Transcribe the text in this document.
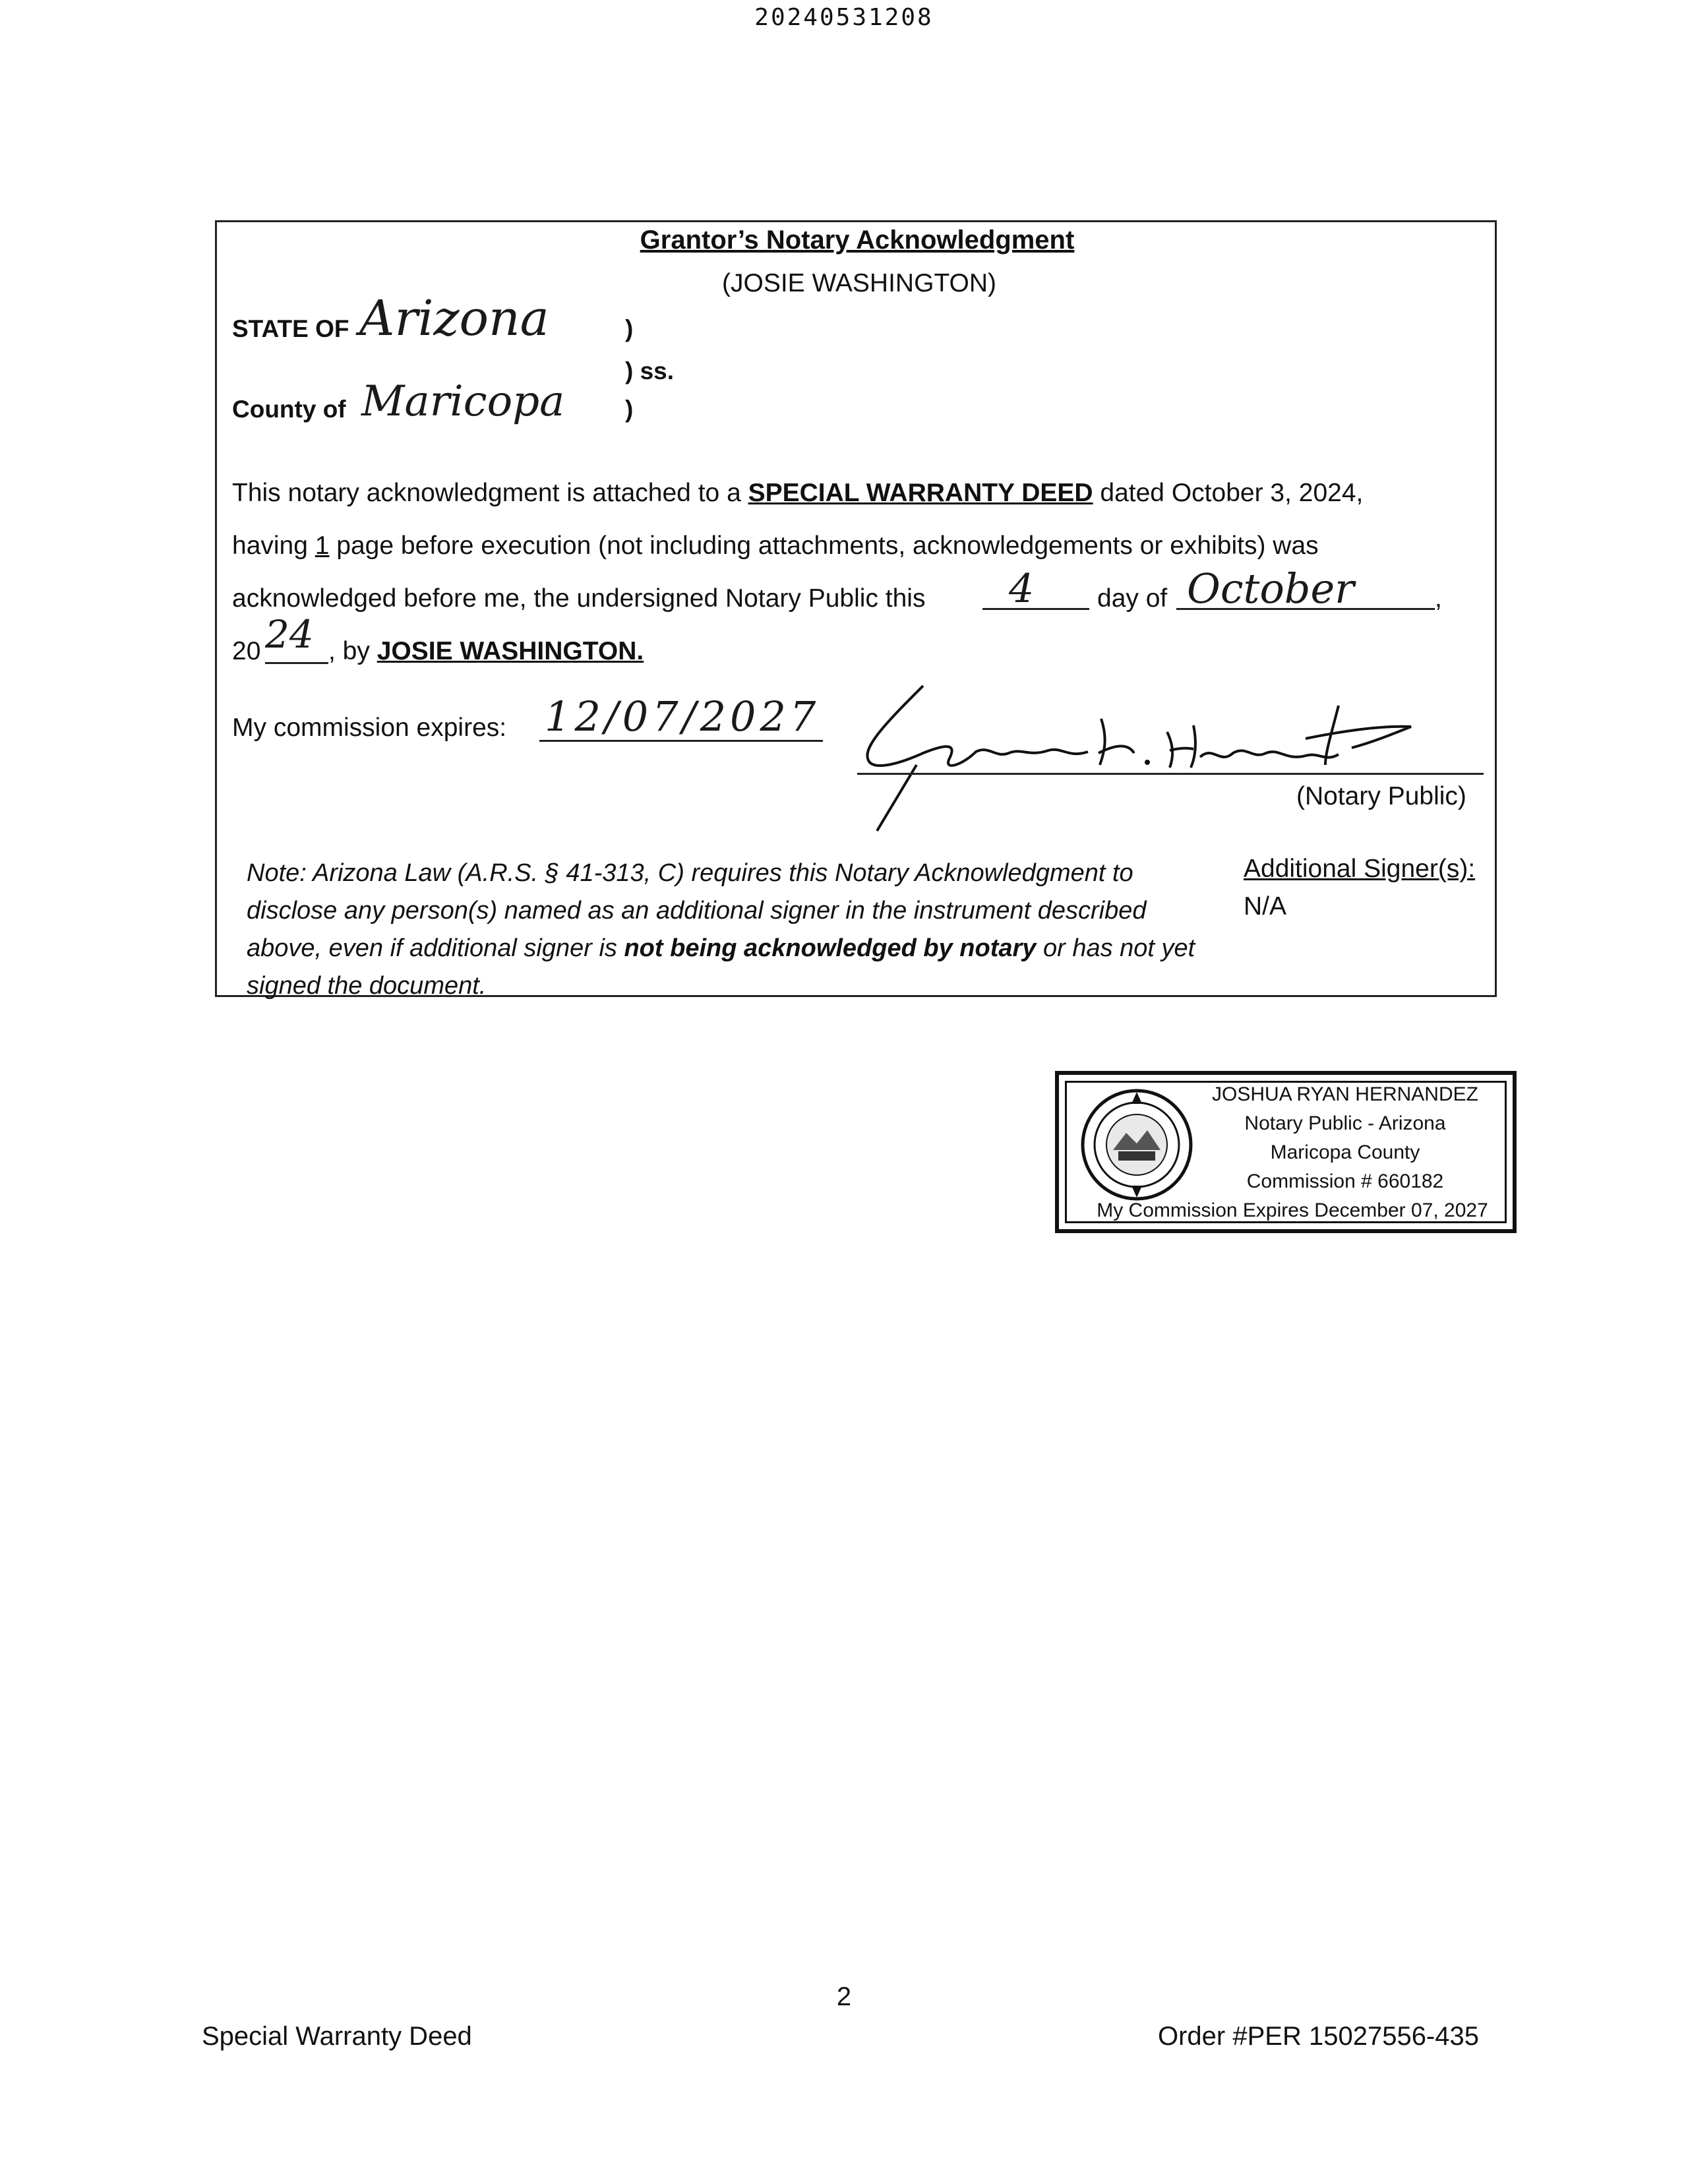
20240531208
Grantor’s Notary Acknowledgment
(JOSIE WASHINGTON)
STATE OF Arizona
County of Maricopa
)
) ss.
)
This notary acknowledgment is attached to a SPECIAL WARRANTY DEED dated October 3, 2024,
having 1 page before execution (not including attachments, acknowledgements or exhibits) was
acknowledged before me, the undersigned Notary Public this 4 day of October	,
20 24 , by JOSIE WASHINGTON.
My commission expires: 12/07/2027
(Notary Public)
Note: Arizona Law (A.R.S. § 41-313, C) requires this Notary Acknowledgment to disclose any person(s) named as an additional signer in the instrument described above, even if additional signer is not being acknowledged by notary or has not yet signed the document.
Additional Signer(s):
N/A
JOSHUA RYAN HERNANDEZ
Notary Public - Arizona
Maricopa County
Commission # 660182
My Commission Expires December 07, 2027
2
Special Warranty Deed	Order #PER 15027556-435
